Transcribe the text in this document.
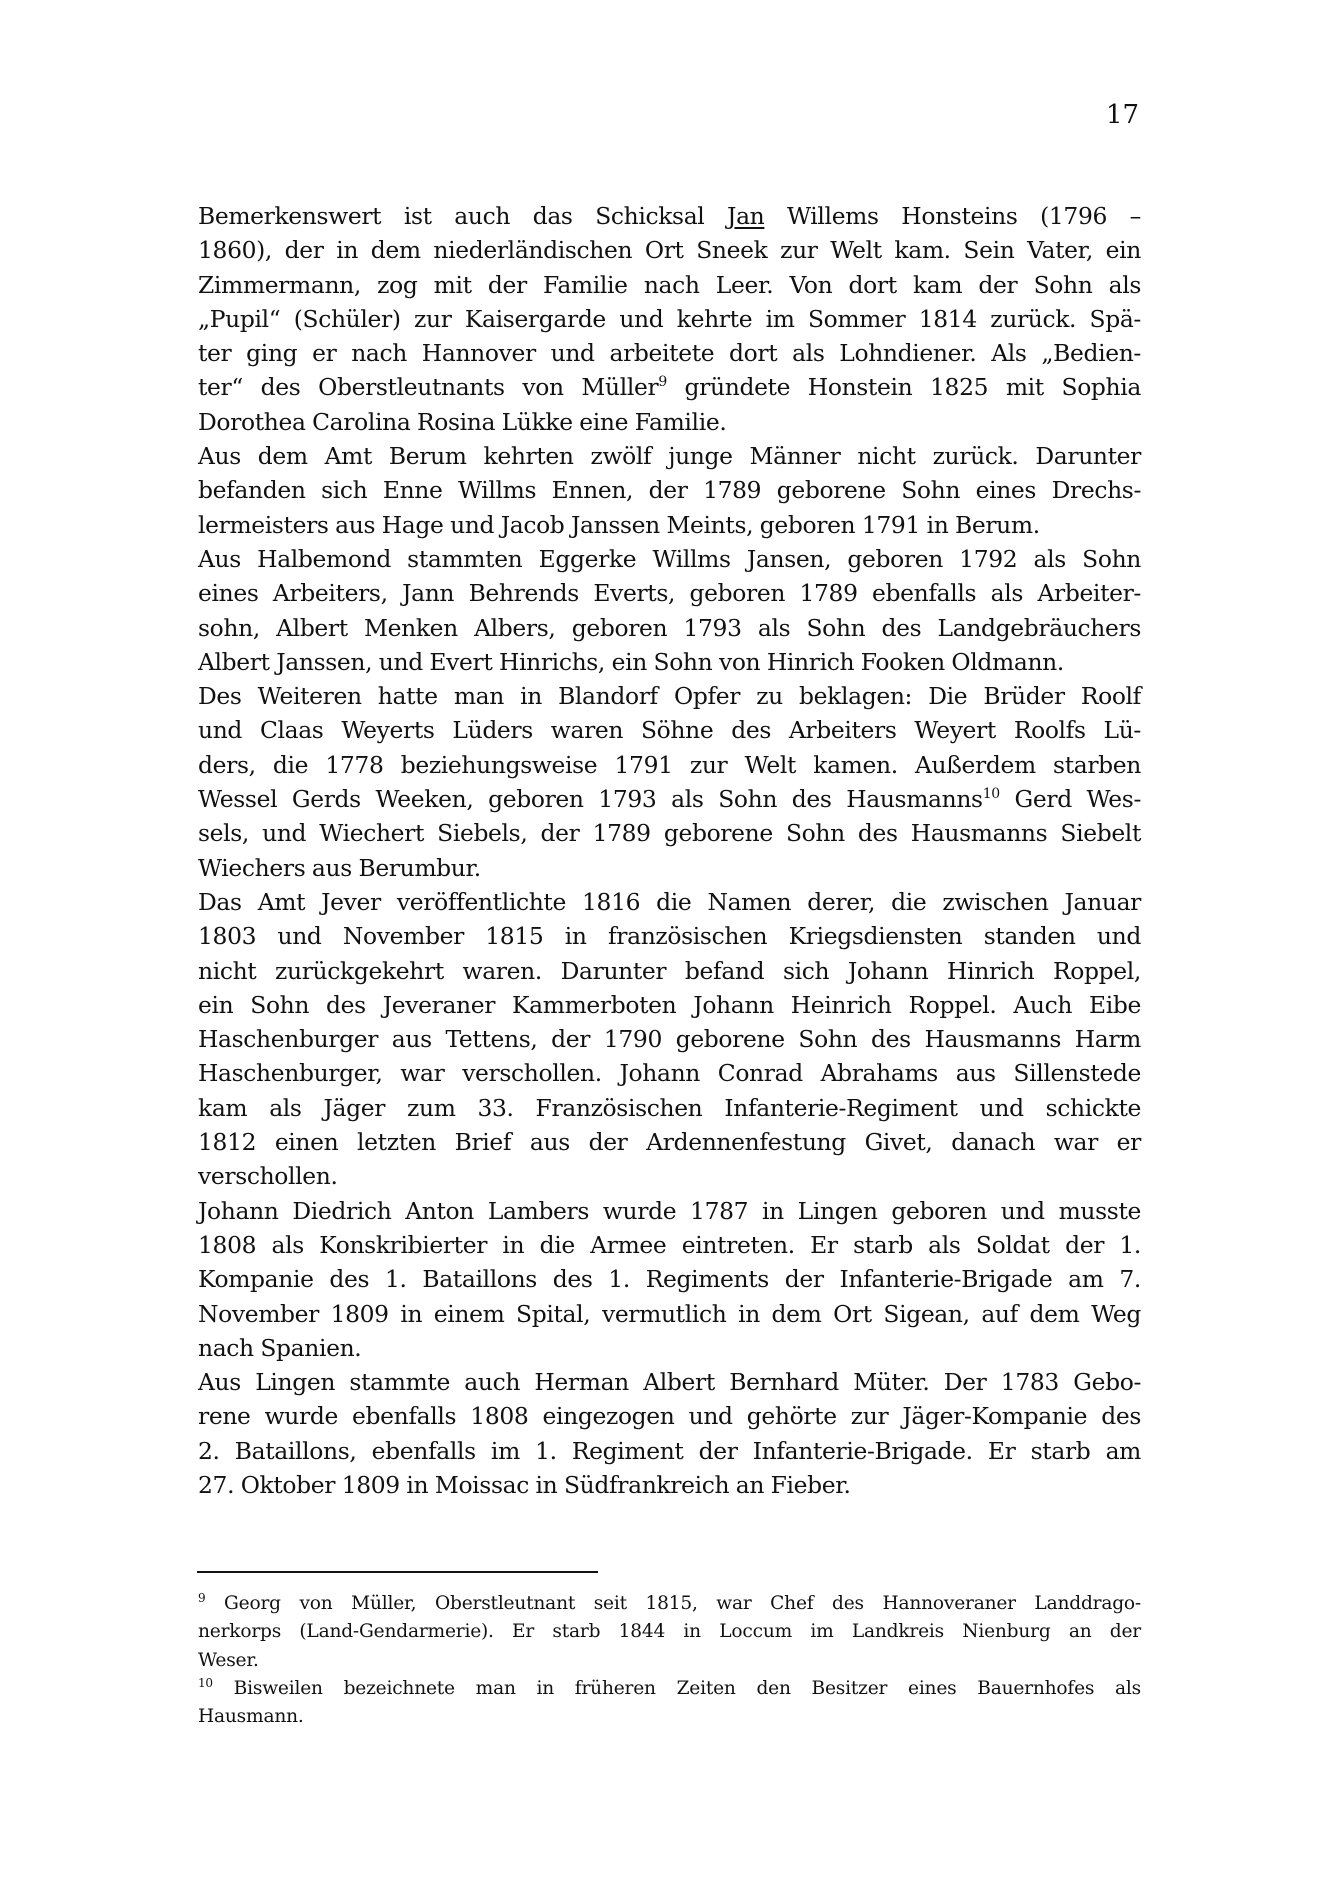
17

Bemerkenswert ist auch das Schicksal Jan Willems Honsteins (1796 –
1860), der in dem niederländischen Ort Sneek zur Welt kam. Sein Vater, ein
Zimmermann, zog mit der Familie nach Leer. Von dort kam der Sohn als
„Pupil“ (Schüler) zur Kaisergarde und kehrte im Sommer 1814 zurück. Spä-
ter ging er nach Hannover und arbeitete dort als Lohndiener. Als „Bedien-
ter“ des Oberstleutnants von Müller$^9$ gründete Honstein 1825 mit Sophia
Dorothea Carolina Rosina Lükke eine Familie.

Aus dem Amt Berum kehrten zwölf junge Männer nicht zurück. Darunter
befanden sich Enne Willms Ennen, der 1789 geborene Sohn eines Drechs-
lermeisters aus Hage und Jacob Janssen Meints, geboren 1791 in Berum.

Aus Halbemond stammten Eggerke Willms Jansen, geboren 1792 als Sohn
eines Arbeiters, Jann Behrends Everts, geboren 1789 ebenfalls als Arbeiter-
sohn, Albert Menken Albers, geboren 1793 als Sohn des Landgebräuchers
Albert Janssen, und Evert Hinrichs, ein Sohn von Hinrich Fooken Oldmann.

Des Weiteren hatte man in Blandorf Opfer zu beklagen: Die Brüder Roolf
und Claas Weyerts Lüders waren Söhne des Arbeiters Weyert Roolfs Lü-
ders, die 1778 beziehungsweise 1791 zur Welt kamen. Außerdem starben
Wessel Gerds Weeken, geboren 1793 als Sohn des Hausmanns$^{10}$ Gerd Wes-
sels, und Wiechert Siebels, der 1789 geborene Sohn des Hausmanns Siebelt
Wiechers aus Berumbur.

Das Amt Jever veröffentlichte 1816 die Namen derer, die zwischen Januar
1803 und November 1815 in französischen Kriegsdiensten standen und
nicht zurückgekehrt waren. Darunter befand sich Johann Hinrich Roppel,
ein Sohn des Jeveraner Kammerboten Johann Heinrich Roppel. Auch Eibe
Haschenburger aus Tettens, der 1790 geborene Sohn des Hausmanns Harm
Haschenburger, war verschollen. Johann Conrad Abrahams aus Sillenstede
kam als Jäger zum 33. Französischen Infanterie-Regiment und schickte
1812 einen letzten Brief aus der Ardennenfestung Givet, danach war er
verschollen.

Johann Diedrich Anton Lambers wurde 1787 in Lingen geboren und musste
1808 als Konskribierter in die Armee eintreten. Er starb als Soldat der 1.
Kompanie des 1. Bataillons des 1. Regiments der Infanterie-Brigade am 7.
November 1809 in einem Spital, vermutlich in dem Ort Sigean, auf dem Weg
nach Spanien.

Aus Lingen stammte auch Herman Albert Bernhard Müter. Der 1783 Gebo-
rene wurde ebenfalls 1808 eingezogen und gehörte zur Jäger-Kompanie des
2. Bataillons, ebenfalls im 1. Regiment der Infanterie-Brigade. Er starb am
27. Oktober 1809 in Moissac in Südfrankreich an Fieber.

$^9$ Georg von Müller, Oberstleutnant seit 1815, war Chef des Hannoveraner Landdrago-
nerkorps (Land-Gendarmerie). Er starb 1844 in Loccum im Landkreis Nienburg an der
Weser.
$^{10}$ Bisweilen bezeichnete man in früheren Zeiten den Besitzer eines Bauernhofes als
Hausmann.
